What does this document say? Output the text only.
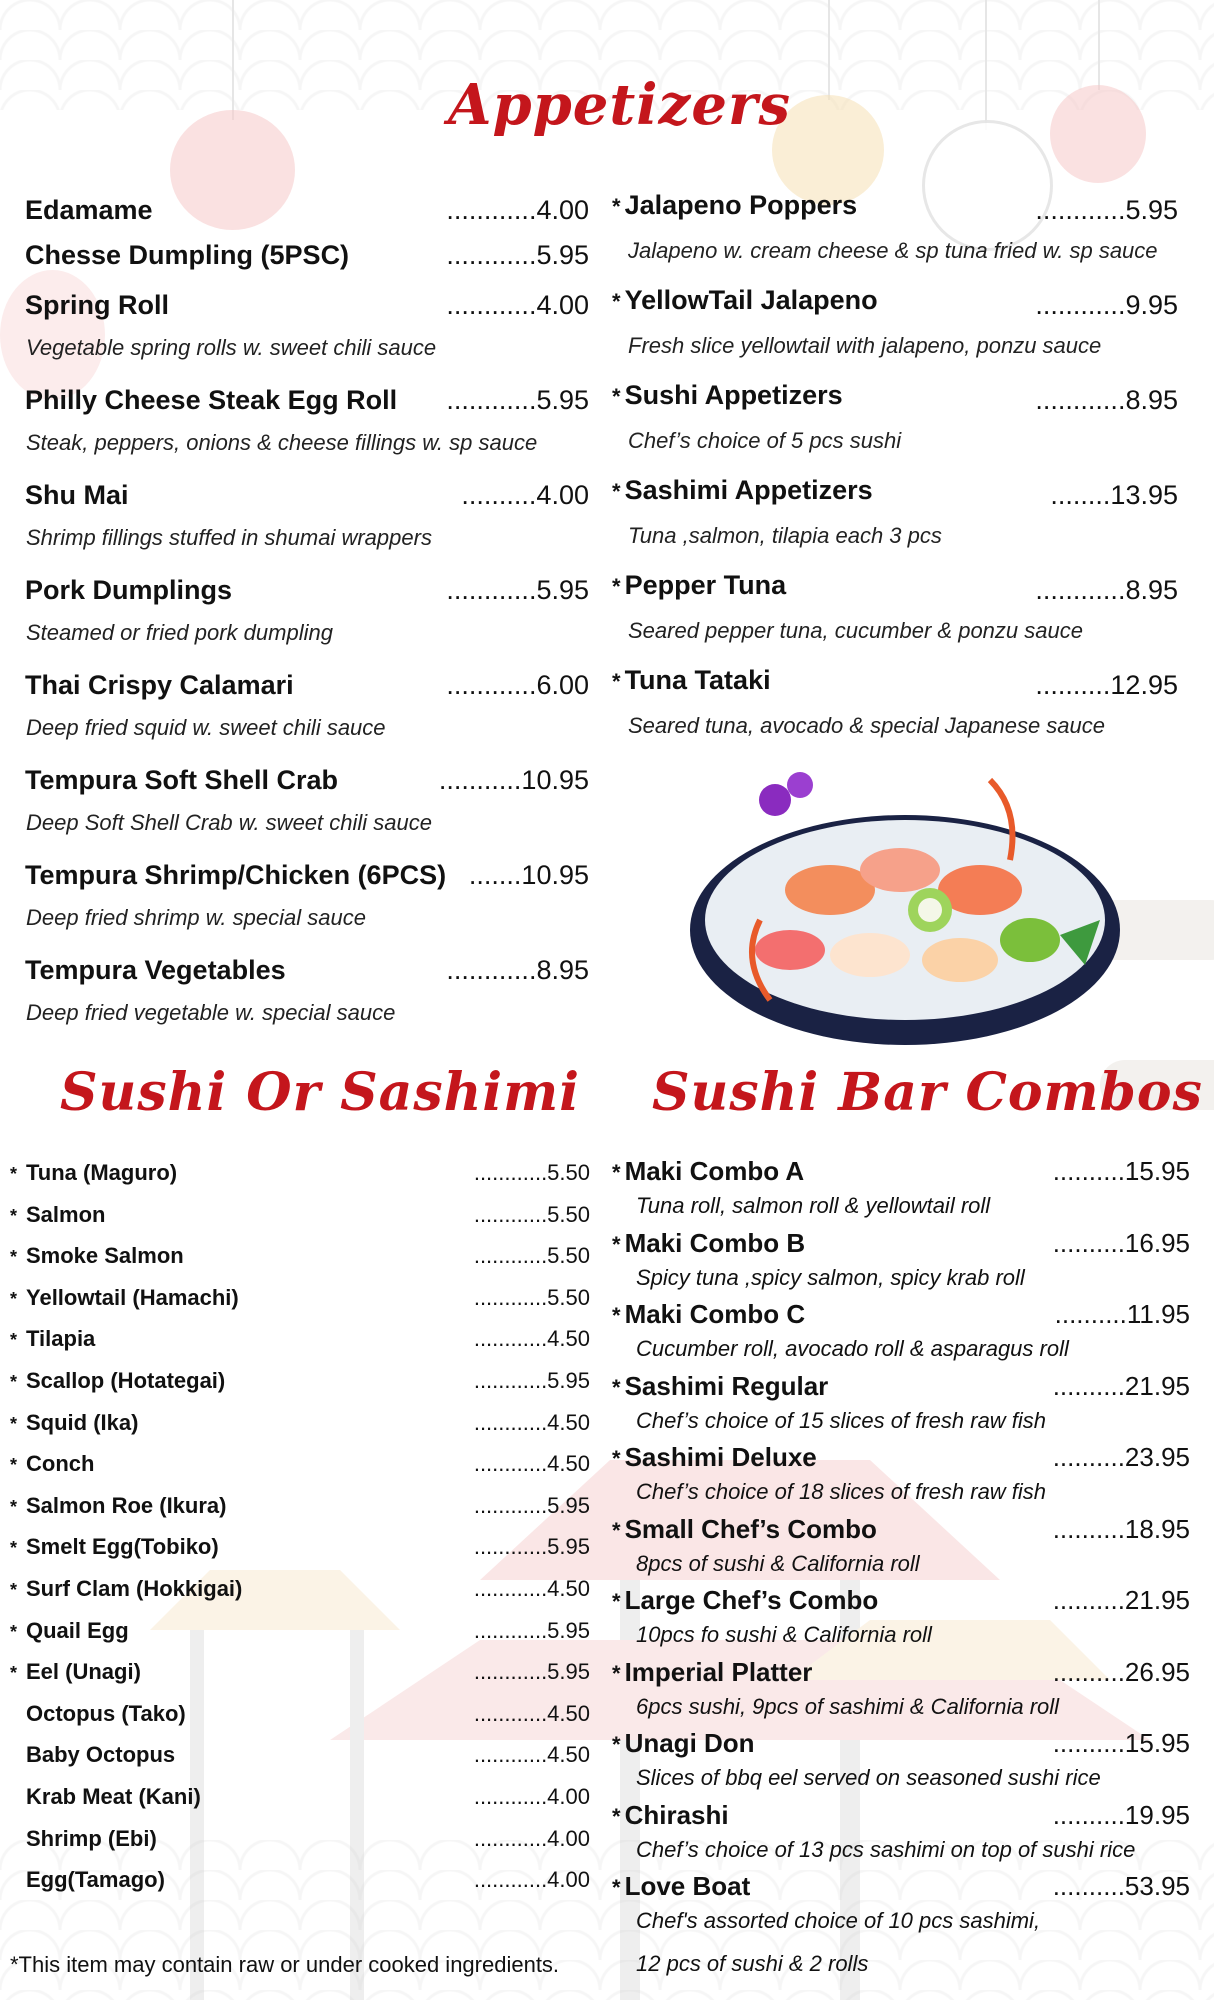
Appetizers
Edamame	............4.00
Chesse Dumpling (5PSC)	............5.95
Spring Roll	............4.00
Vegetable spring rolls w. sweet chili sauce
Philly Cheese Steak Egg Roll ............5.95
Steak, peppers, onions & cheese fillings w. sp sauce
Shu Mai	..........4.00
Shrimp fillings stuffed in shumai wrappers
Pork Dumplings	............5.95
Steamed or fried pork dumpling
Thai Crispy Calamari	............6.00
Deep fried squid w. sweet chili sauce
Tempura Soft Shell Crab	...........10.95
Deep Soft Shell Crab w. sweet chili sauce
Tempura Shrimp/Chicken (6PCS) .......10.95
Deep fried shrimp w. special sauce
Tempura Vegetables	............8.95
Deep fried vegetable w. special sauce
* Jalapeno Poppers	............5.95
Jalapeno w. cream cheese & sp tuna fried w. sp sauce
* YellowTail Jalapeno	............9.95
Fresh slice yellowtail with jalapeno, ponzu sauce
* Sushi Appetizers	............8.95
Chef’s choice of 5 pcs sushi
* Sashimi Appetizers	........13.95
Tuna ,salmon, tilapia each 3 pcs
* Pepper Tuna	............8.95
Seared pepper tuna, cucumber & ponzu sauce
* Tuna Tataki	..........12.95
Seared tuna, avocado & special Japanese sauce
Sushi Or Sashimi
* Tuna (Maguro)	............5.50
* Salmon	............5.50
* Smoke Salmon	............5.50
* Yellowtail (Hamachi)	............5.50
* Tilapia	............4.50
* Scallop (Hotategai)	............5.95
* Squid (Ika)	............4.50
* Conch	............4.50
* Salmon Roe (Ikura)	............5.95
* Smelt Egg(Tobiko)	............5.95
* Surf Clam (Hokkigai)	............4.50
* Quail Egg	............5.95
* Eel (Unagi)	............5.95
Octopus (Tako)	............4.50
Baby Octopus	............4.50
Krab Meat (Kani)	............4.00
Shrimp (Ebi)	............4.00
Egg(Tamago)	............4.00
Sushi Bar Combos
* Maki Combo A	..........15.95
Tuna roll, salmon roll & yellowtail roll
* Maki Combo B	..........16.95
Spicy tuna ,spicy salmon, spicy krab roll
* Maki Combo C	..........11.95
Cucumber roll, avocado roll & asparagus roll
* Sashimi Regular	..........21.95
Chef’s choice of 15 slices of fresh raw fish
* Sashimi Deluxe	..........23.95
Chef’s choice of 18 slices of fresh raw fish
* Small Chef’s Combo	..........18.95
8pcs of sushi & California roll
* Large Chef’s Combo	..........21.95
10pcs fo sushi & California roll
* Imperial Platter	..........26.95
6pcs sushi, 9pcs of sashimi & California roll
* Unagi Don	..........15.95
Slices of bbq eel served on seasoned sushi rice
* Chirashi	..........19.95
Chef’s choice of 13 pcs sashimi on top of sushi rice
* Love Boat	..........53.95
Chef's assorted choice of 10 pcs sashimi,
12 pcs of sushi & 2 rolls
*This item may contain raw or under cooked ingredients.
